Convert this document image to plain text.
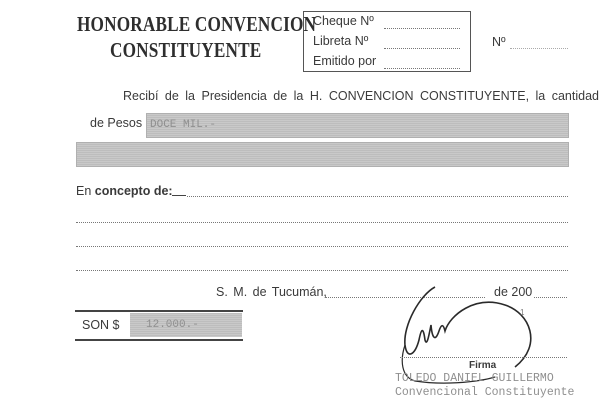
HONORABLE CONVENCION
CONSTITUYENTE
Cheque Nº
Libreta Nº
Emitido por
Nº
Recibí de la Presidencia de la H. CONVENCION CONSTITUYENTE, la cantidad
de Pesos DOCE MIL.-
En concepto de:
S. M. de Tucumán,	de 200
SON $ 12.000.-
1
Firma
TOLEDO DANIEL GUILLERMO
Convencional Constituyente
